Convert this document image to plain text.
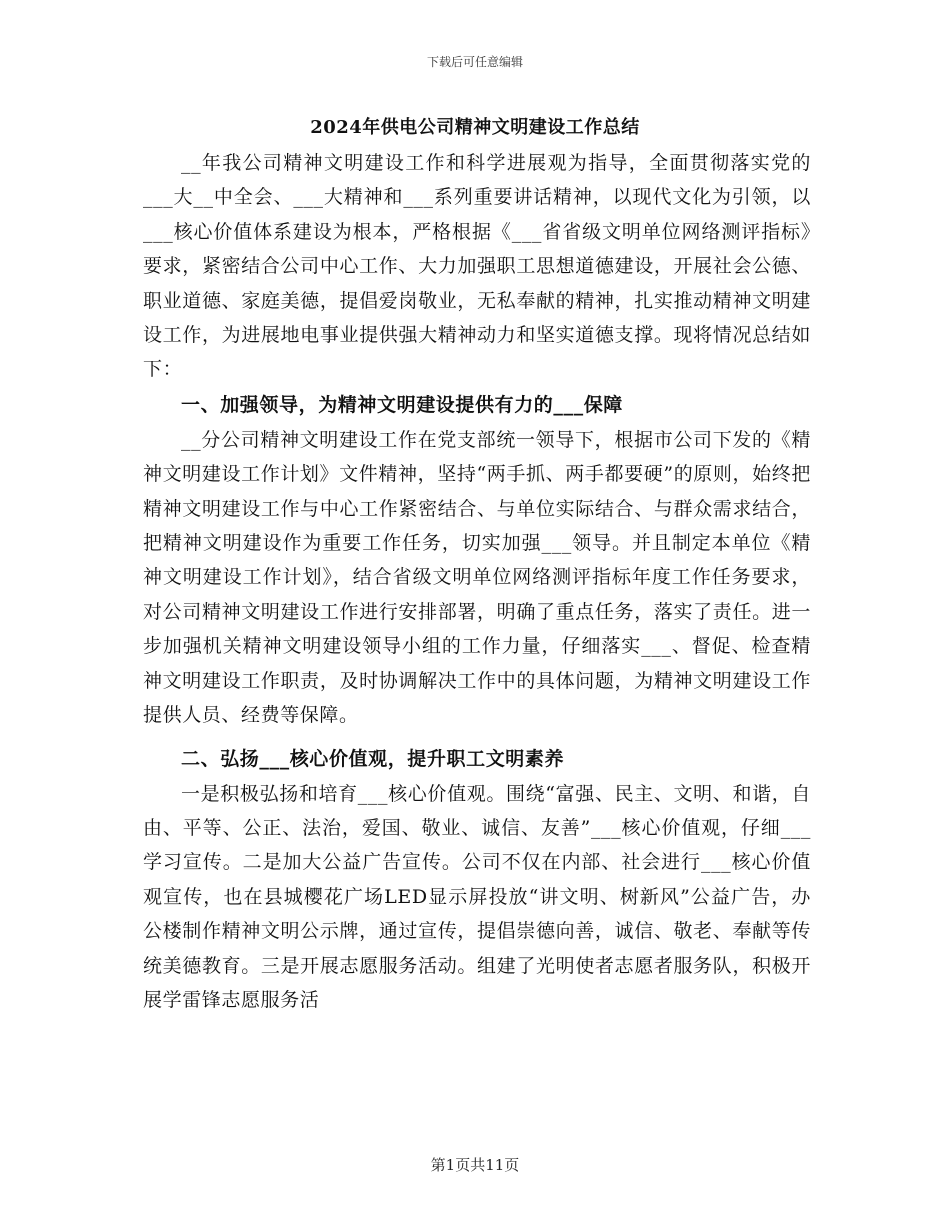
下载后可任意编辑
2024年供电公司精神文明建设工作总结

__年我公司精神文明建设工作和科学进展观为指导，全面贯彻落实党的___大__中全会、___大精神和___系列重要讲话精神，以现代文化为引领，以___核心价值体系建设为根本，严格根据《___省省级文明单位网络测评指标》要求，紧密结合公司中心工作、大力加强职工思想道德建设，开展社会公德、职业道德、家庭美德，提倡爱岗敬业，无私奉献的精神，扎实推动精神文明建设工作，为进展地电事业提供强大精神动力和坚实道德支撑。现将情况总结如下：

一、加强领导，为精神文明建设提供有力的___保障

__分公司精神文明建设工作在党支部统一领导下，根据市公司下发的《精神文明建设工作计划》文件精神，坚持“两手抓、两手都要硬”的原则，始终把精神文明建设工作与中心工作紧密结合、与单位实际结合、与群众需求结合，把精神文明建设作为重要工作任务，切实加强___领导。并且制定本单位《精神文明建设工作计划》，结合省级文明单位网络测评指标年度工作任务要求，对公司精神文明建设工作进行安排部署，明确了重点任务，落实了责任。进一步加强机关精神文明建设领导小组的工作力量，仔细落实___、督促、检查精神文明建设工作职责，及时协调解决工作中的具体问题，为精神文明建设工作提供人员、经费等保障。

二、弘扬___核心价值观，提升职工文明素养

一是积极弘扬和培育___核心价值观。围绕“富强、民主、文明、和谐，自由、平等、公正、法治，爱国、敬业、诚信、友善”___核心价值观，仔细___学习宣传。二是加大公益广告宣传。公司不仅在内部、社会进行___核心价值观宣传，也在县城樱花广场LED显示屏投放“讲文明、树新风”公益广告，办公楼制作精神文明公示牌，通过宣传，提倡崇德向善，诚信、敬老、奉献等传统美德教育。三是开展志愿服务活动。组建了光明使者志愿者服务队，积极开展学雷锋志愿服务活

第1页共11页
